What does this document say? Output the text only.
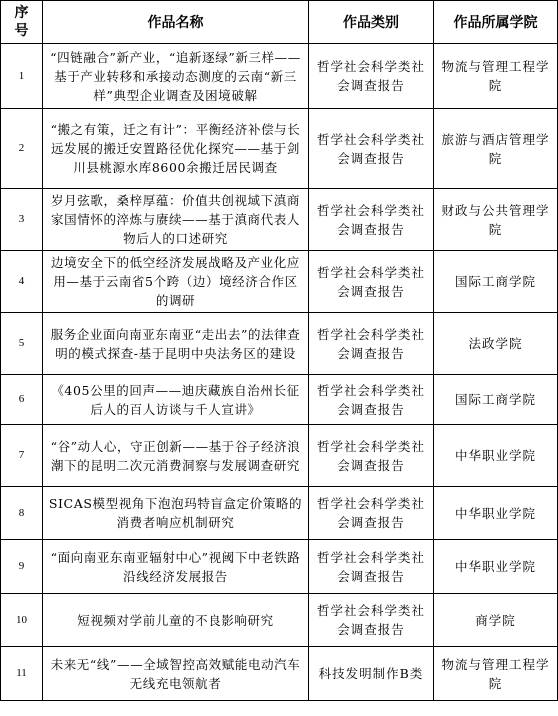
序号	作品名称	作品类别	作品所属学院
1	“四链融合”新产业，“追新逐绿”新三样——基于产业转移和承接动态测度的云南“新三样”典型企业调查及困境破解	哲学社会科学类社会调查报告	物流与管理工程学院
2	“搬之有策，迁之有计”：平衡经济补偿与长远发展的搬迁安置路径优化探究——基于剑川县桃源水库8600余搬迁居民调查	哲学社会科学类社会调查报告	旅游与酒店管理学院
3	岁月弦歌，桑梓厚蕴：价值共创视域下滇商家国情怀的淬炼与赓续——基于滇商代表人物后人的口述研究	哲学社会科学类社会调查报告	财政与公共管理学院
4	边境安全下的低空经济发展战略及产业化应用—基于云南省5个跨（边）境经济合作区的调研	哲学社会科学类社会调查报告	国际工商学院
5	服务企业面向南亚东南亚“走出去”的法律查明的模式探查-基于昆明中央法务区的建设	哲学社会科学类社会调查报告	法政学院
6	《405公里的回声——迪庆藏族自治州长征后人的百人访谈与千人宣讲》	哲学社会科学类社会调查报告	国际工商学院
7	“谷”动人心，守正创新——基于谷子经济浪潮下的昆明二次元消费洞察与发展调查研究	哲学社会科学类社会调查报告	中华职业学院
8	SICAS模型视角下泡泡玛特盲盒定价策略的消费者响应机制研究	哲学社会科学类社会调查报告	中华职业学院
9	“面向南亚东南亚辐射中心”视阈下中老铁路沿线经济发展报告	哲学社会科学类社会调查报告	中华职业学院
10	短视频对学前儿童的不良影响研究	哲学社会科学类社会调查报告	商学院
11	未来无“线”——全域智控高效赋能电动汽车无线充电领航者	科技发明制作B类	物流与管理工程学院
